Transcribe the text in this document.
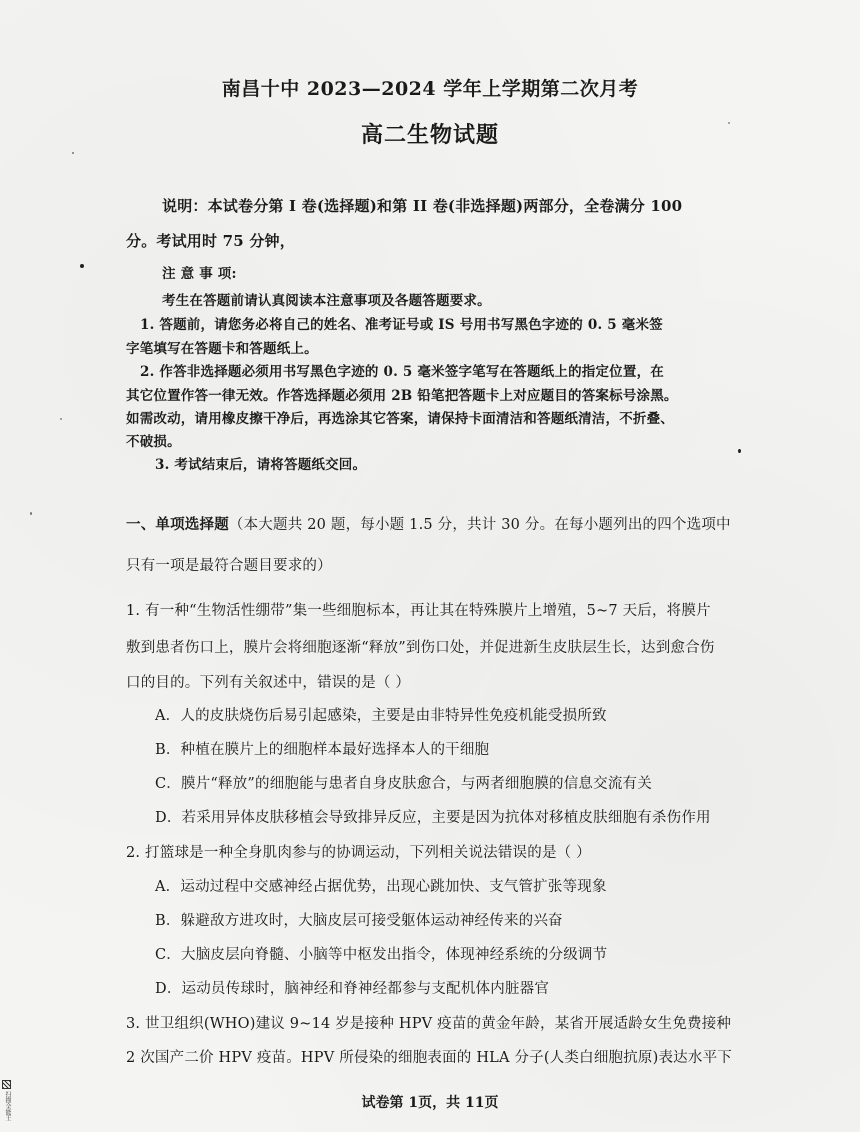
南昌十中 2023—2024 学年上学期第二次月考
高二生物试题
说明：本试卷分第 I 卷(选择题)和第 II 卷(非选择题)两部分，全卷满分 100
分。考试用时 75 分钟，
注 意 事 项:
考生在答题前请认真阅读本注意事项及各题答题要求。
1. 答题前，请您务必将自己的姓名、准考证号或 IS 号用书写黑色字迹的 0. 5 毫米签
字笔填写在答题卡和答题纸上。
2. 作答非选择题必须用书写黑色字迹的 0. 5 毫米签字笔写在答题纸上的指定位置，在
其它位置作答一律无效。作答选择题必须用 2B 铅笔把答题卡上对应题目的答案标号涂黑。
如需改动，请用橡皮擦干净后，再选涂其它答案，请保持卡面清洁和答题纸清洁，不折叠、
不破损。
3. 考试结束后，请将答题纸交回。
一、单项选择题（本大题共 20 题，每小题 1.5 分，共计 30 分。在每小题列出的四个选项中
只有一项是最符合题目要求的）
1. 有一种“生物活性绷带”集一些细胞标本，再让其在特殊膜片上增殖，5~7 天后，将膜片
敷到患者伤口上，膜片会将细胞逐渐“释放”到伤口处，并促进新生皮肤层生长，达到愈合伤
口的目的。下列有关叙述中，错误的是（ ）
A．人的皮肤烧伤后易引起感染，主要是由非特异性免疫机能受损所致
B．种植在膜片上的细胞样本最好选择本人的干细胞
C．膜片“释放”的细胞能与患者自身皮肤愈合，与两者细胞膜的信息交流有关
D．若采用异体皮肤移植会导致排异反应，主要是因为抗体对移植皮肤细胞有杀伤作用
2. 打篮球是一种全身肌肉参与的协调运动，下列相关说法错误的是（ ）
A．运动过程中交感神经占据优势，出现心跳加快、支气管扩张等现象
B．躲避敌方进攻时，大脑皮层可接受躯体运动神经传来的兴奋
C．大脑皮层向脊髓、小脑等中枢发出指令，体现神经系统的分级调节
D．运动员传球时，脑神经和脊神经都参与支配机体内脏器官
3. 世卫组织(WHO)建议 9~14 岁是接种 HPV 疫苗的黄金年龄，某省开展适龄女生免费接种
2 次国产二价 HPV 疫苗。HPV 所侵染的细胞表面的 HLA 分子(人类白细胞抗原)表达水平下
试卷第 1页，共 11页
扫描全能王
